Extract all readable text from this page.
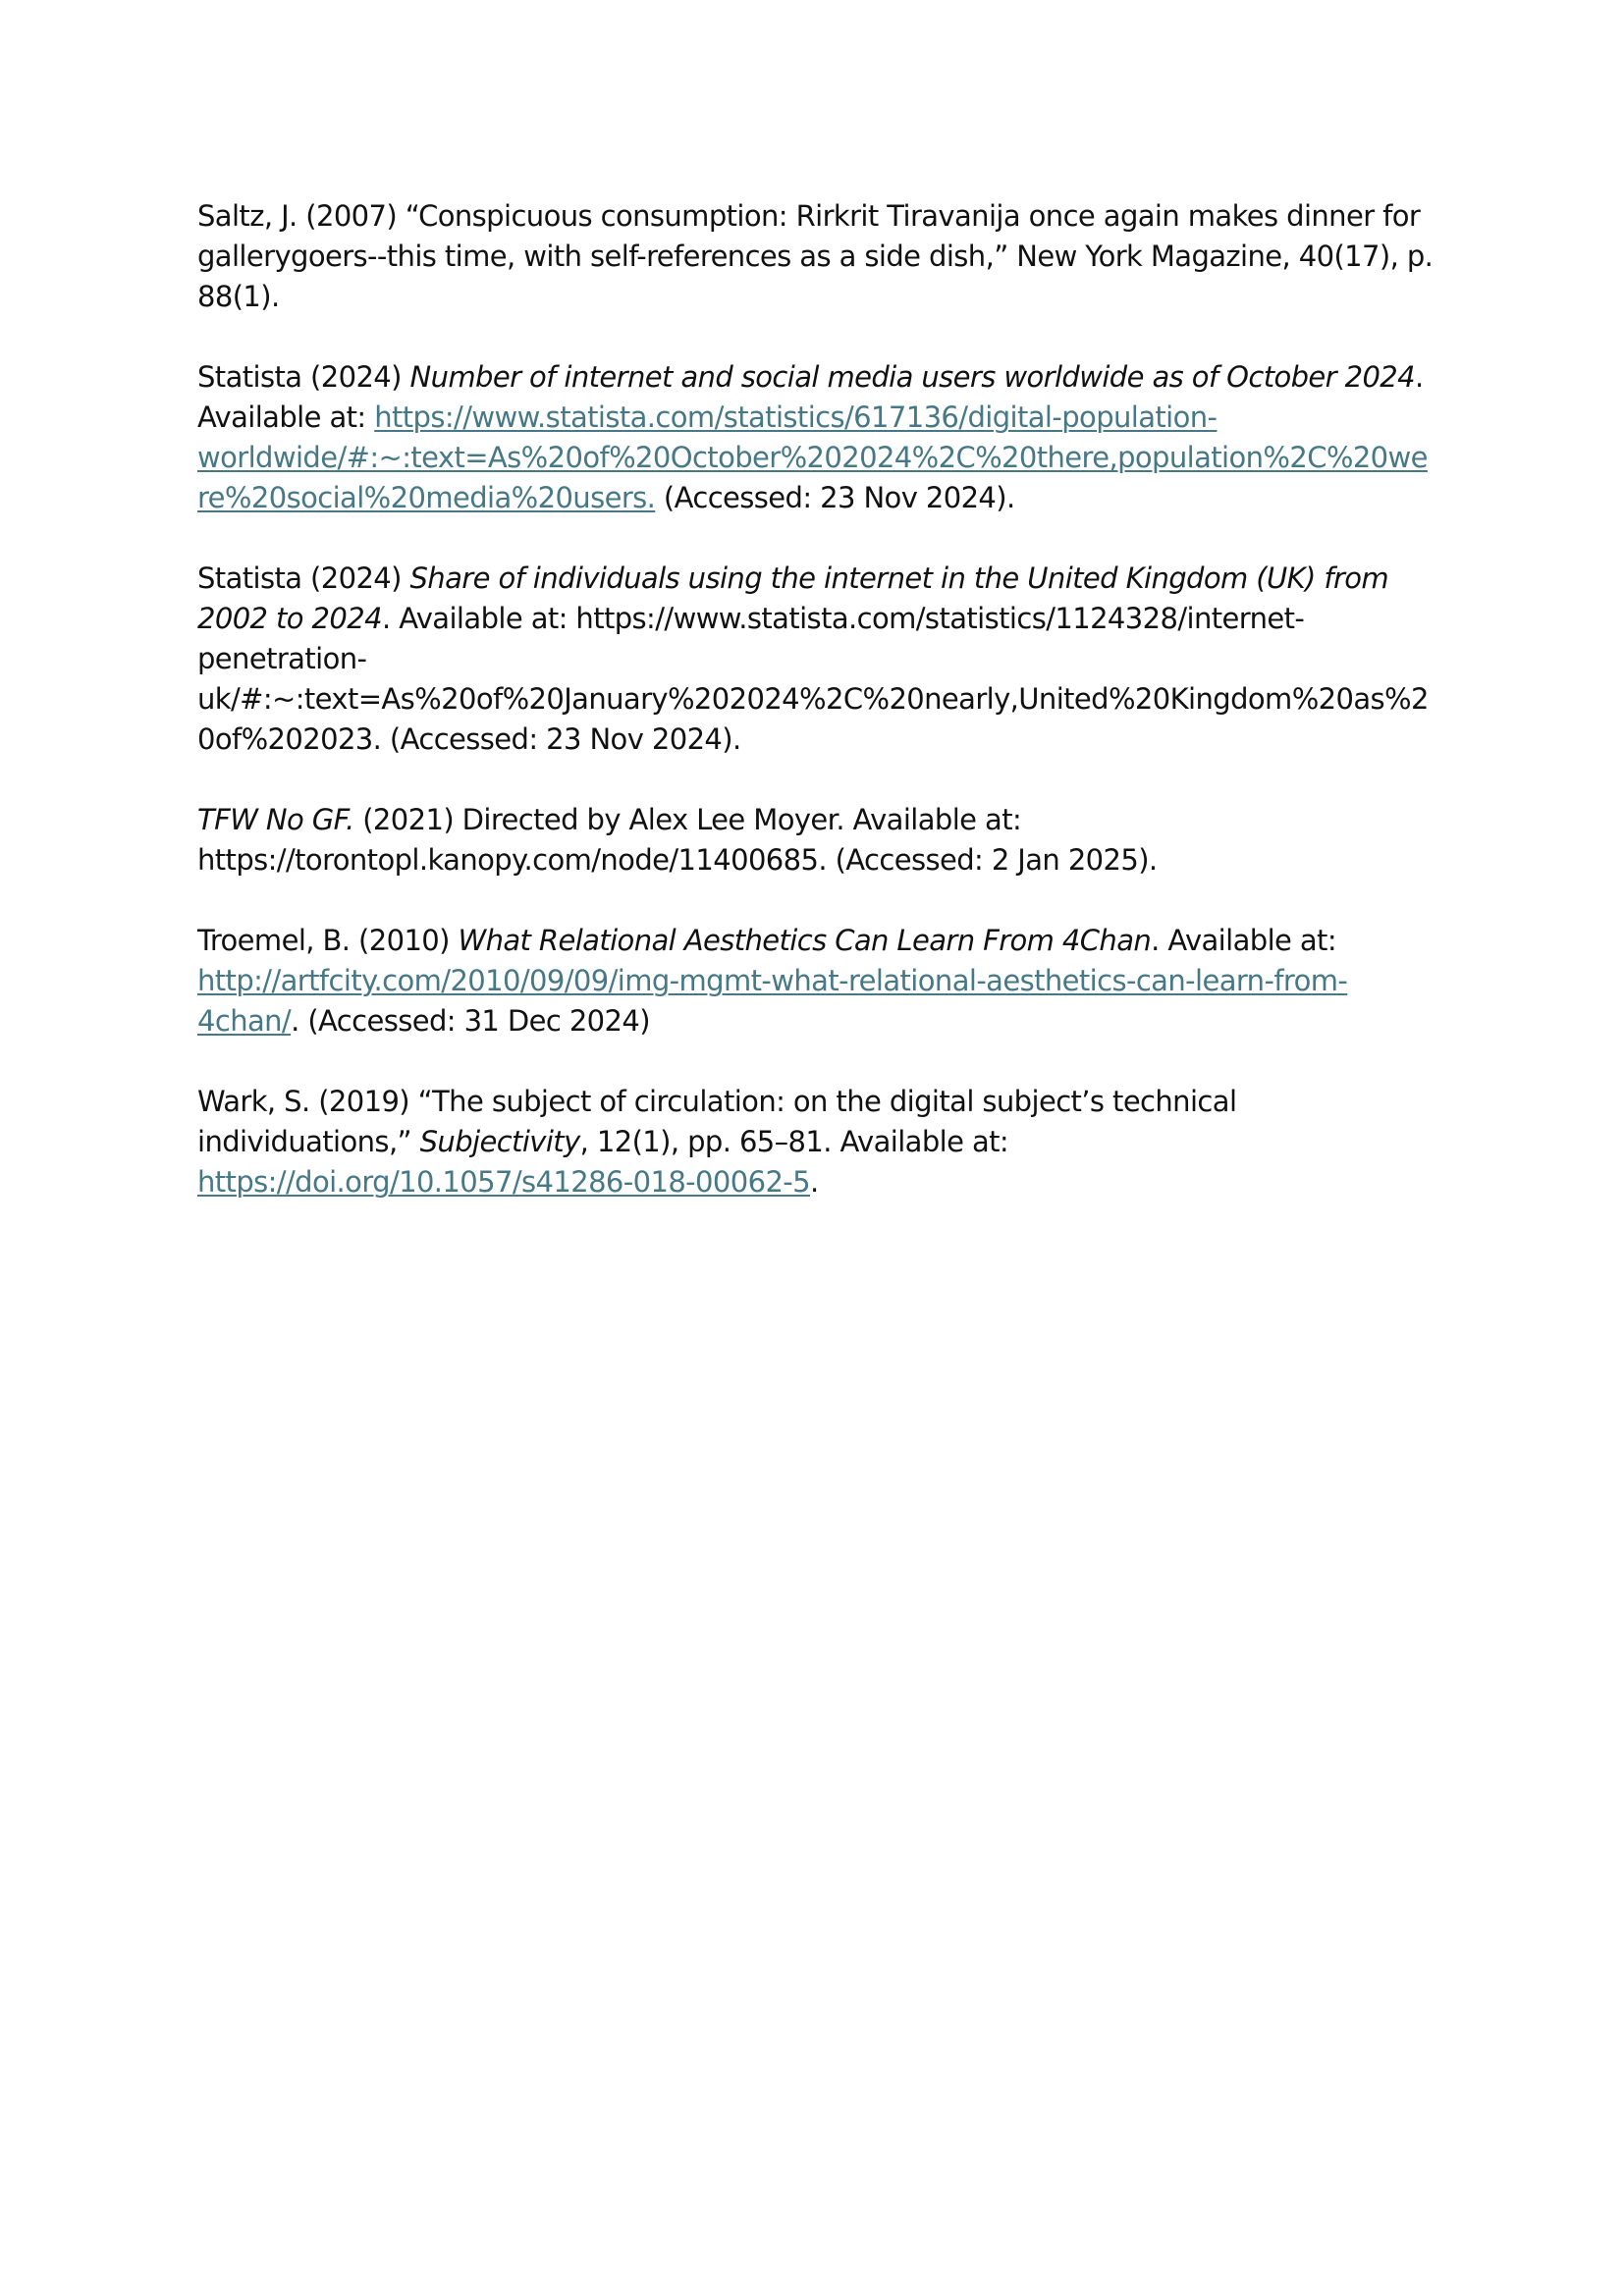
Saltz, J. (2007) “Conspicuous consumption: Rirkrit Tiravanija once again makes dinner for gallerygoers--this time, with self-references as a side dish,” New York Magazine, 40(17), p. 88(1).

Statista (2024) Number of internet and social media users worldwide as of October 2024. Available at: https://www.statista.com/statistics/617136/digital-population-worldwide/#:~:text=As%20of%20October%202024%2C%20there,population%2C%20were%20social%20media%20users. (Accessed: 23 Nov 2024).

Statista (2024) Share of individuals using the internet in the United Kingdom (UK) from 2002 to 2024. Available at: https://www.statista.com/statistics/1124328/internet-penetration-uk/#:~:text=As%20of%20January%202024%2C%20nearly,United%20Kingdom%20as%20of%202023. (Accessed: 23 Nov 2024).

TFW No GF. (2021) Directed by Alex Lee Moyer. Available at: https://torontopl.kanopy.com/node/11400685. (Accessed: 2 Jan 2025).

Troemel, B. (2010) What Relational Aesthetics Can Learn From 4Chan. Available at: http://artfcity.com/2010/09/09/img-mgmt-what-relational-aesthetics-can-learn-from-4chan/. (Accessed: 31 Dec 2024)

Wark, S. (2019) “The subject of circulation: on the digital subject’s technical individuations,” Subjectivity, 12(1), pp. 65–81. Available at: https://doi.org/10.1057/s41286-018-00062-5.
